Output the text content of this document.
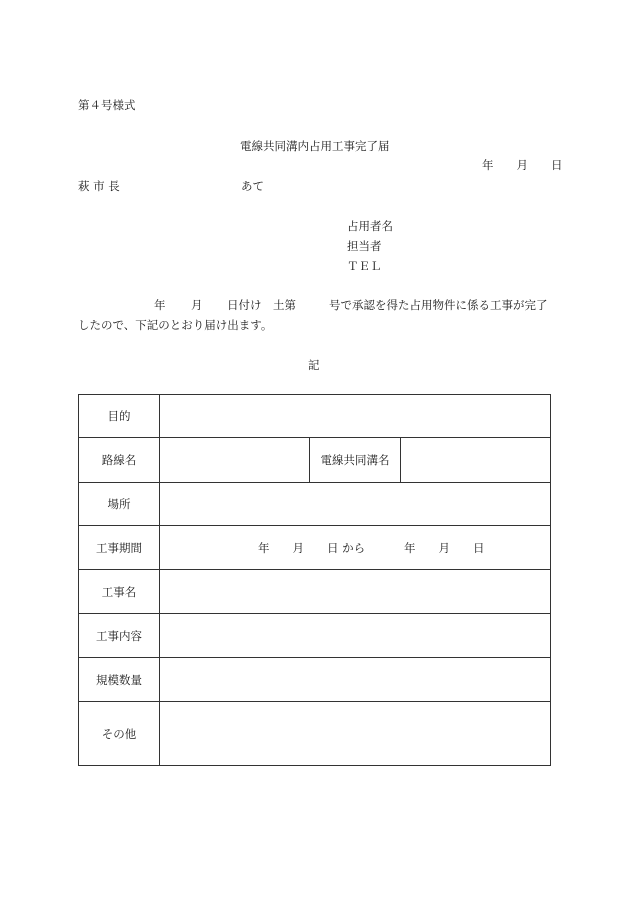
第４号様式
電線共同溝内占用工事完了届
年　　月　　日
萩 市 長	あて
占用者名
担当者
ＴＥＬ
年 月 日付け　土第	号で承認を得た占用物件に係る工事が完了
したので、下記のとおり届け出ます。
記
目的			
路線名		電線共同溝名	
場所			
工事期間	年　　月　　日 から 年　　月　　日		

工事名			
工事内容			
規模数量			
その他			
